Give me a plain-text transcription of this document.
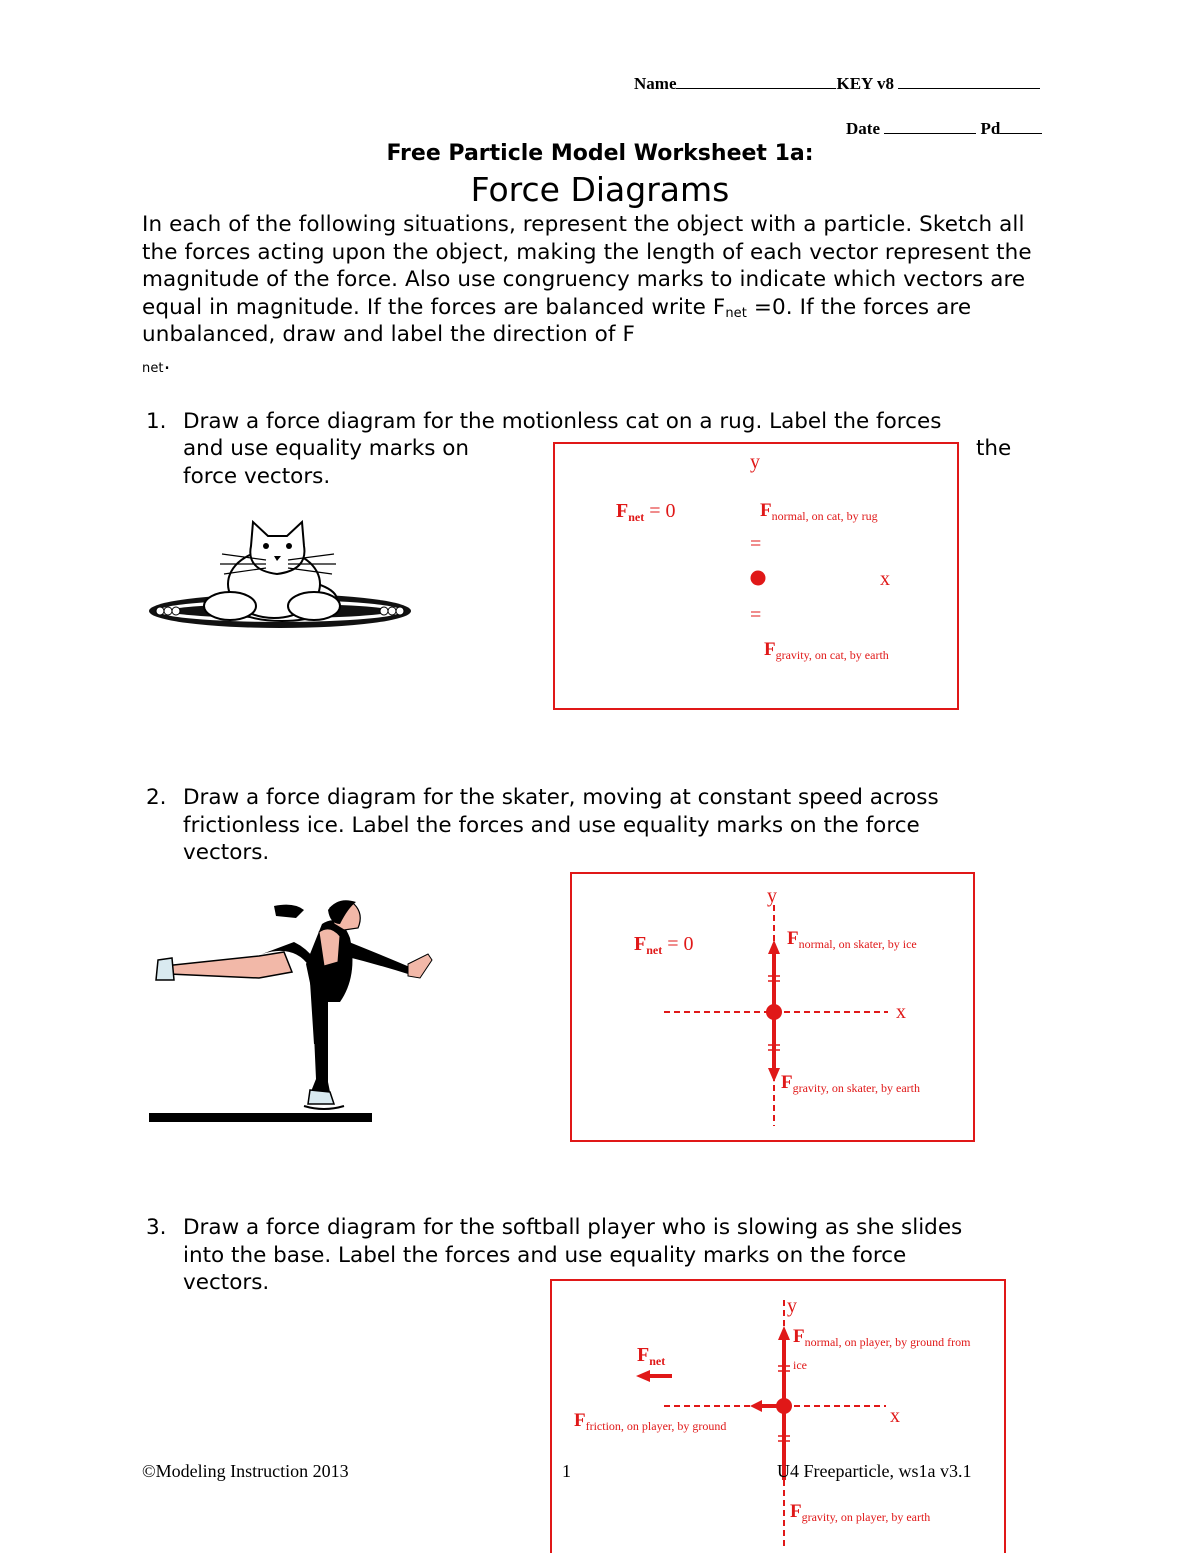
Name	KEY v8
Date	Pd
Free Particle Model Worksheet 1a:
Force Diagrams
In each of the following situations, represent the object with a particle. Sketch all the forces acting upon the object, making the length of each vector represent the magnitude of the force. Also use congruency marks to indicate which vectors are equal in magnitude. If the forces are balanced write $F_{net} =0$. If the forces are unbalanced, draw and label the direction of F
$_{net}$.
1. Draw a force diagram for the motionless cat on a rug. Label the forces
and use equality marks on	the
force vectors.
$F_{net} = 0$
y
x
$F_{normal, on cat, by rug}$
=
=
$F_{gravity, on cat, by earth}$
2. Draw a force diagram for the skater, moving at constant speed across
frictionless ice. Label the forces and use equality marks on the force
vectors.
$F_{net} = 0$
y
x
$F_{normal, on skater, by ice}$
$F_{gravity, on skater, by earth}$
3. Draw a force diagram for the softball player who is slowing as she slides
into the base. Label the forces and use equality marks on the force
vectors.
$F_{net}$
y
x
$F_{normal, on player, by ground from}$
ice
$F_{friction, on player, by ground}$
$F_{gravity, on player, by earth}$
©Modeling Instruction 2013	1	U4 Freeparticle, ws1a v3.1
